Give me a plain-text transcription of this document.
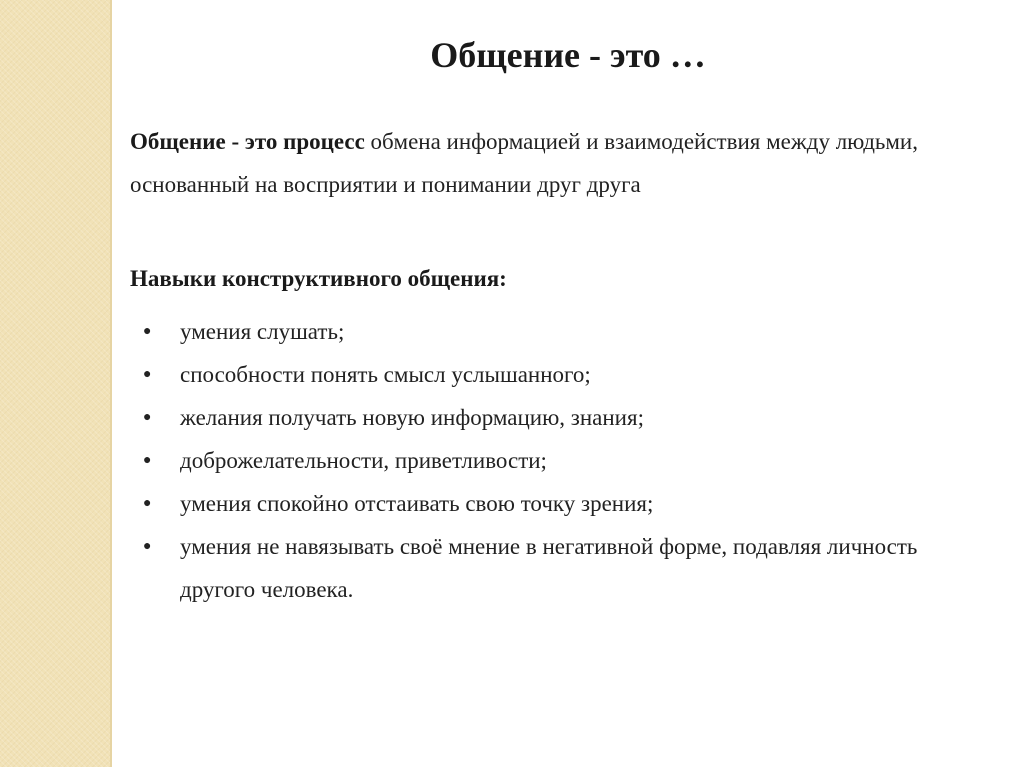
Общение - это …

Общение - это процесс обмена информацией и взаимодействия между людьми, основанный на восприятии и понимании друг друга

Навыки конструктивного общения:

● умения слушать;
● способности понять смысл услышанного;
● желания получать новую информацию, знания;
● доброжелательности, приветливости;
● умения спокойно отстаивать свою точку зрения;
● умения не навязывать своё мнение в негативной форме, подавляя личность другого человека.
